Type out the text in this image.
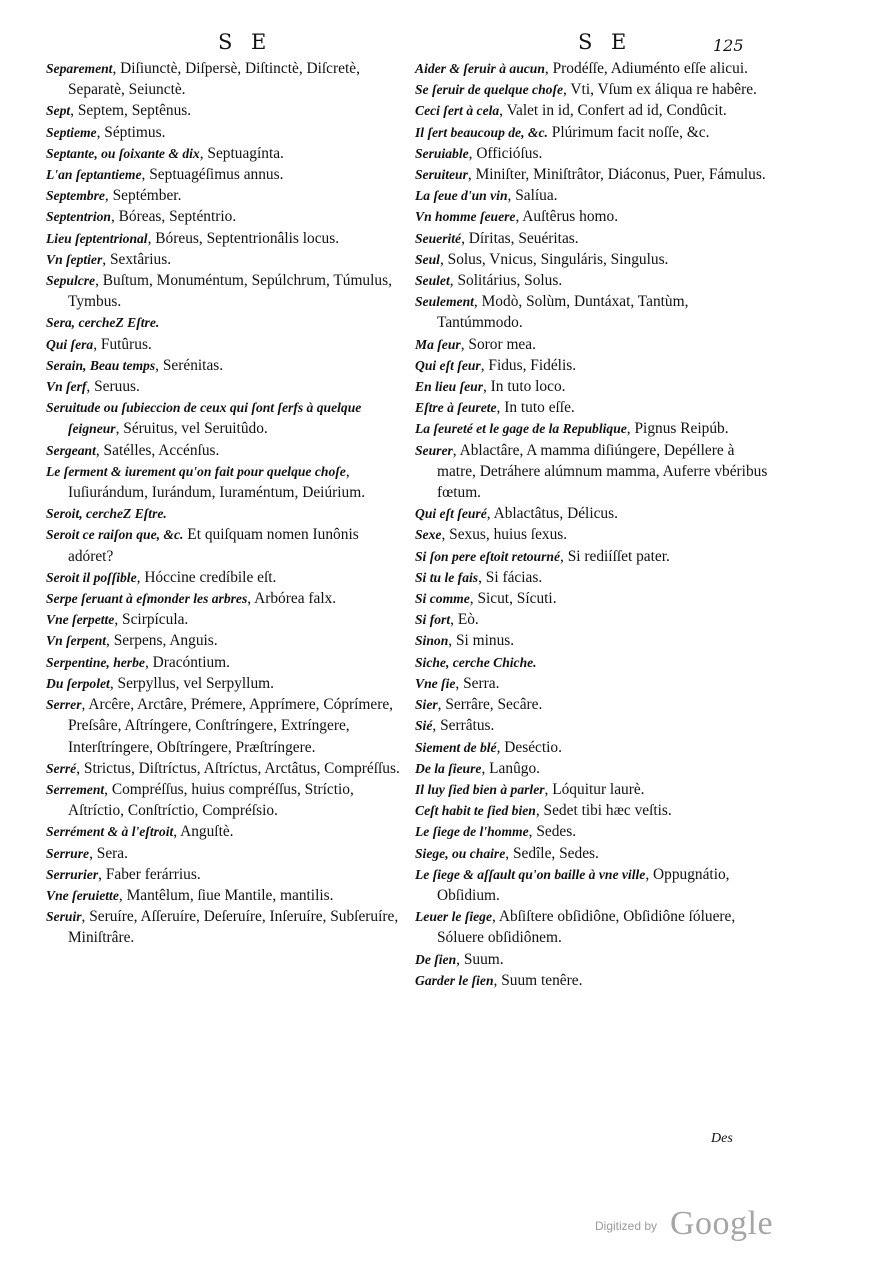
S E	S E	125

Separement, Diſiunctè, Diſpersè, Diſtinctè, Diſcretè, Separatè, Seiunctè.

Sept, Septem, Septênus.

Septieme, Séptimus.

Septante, ou ſoixante & dix, Septuagínta.

L'an ſeptantieme, Septuagéſimus annus.

Septembre, Septémber.

Septentrion, Bóreas, Septéntrio.

Lieu ſeptentrional, Bóreus, Septentrionâlis locus.

Vn ſeptier, Sextârius.

Sepulcre, Buſtum, Monuméntum, Sepúlchrum, Túmulus, Tymbus.

Sera, cercheZ Eſtre.

Qui ſera, Futûrus.

Serain, Beau temps, Serénitas.

Vn ſerf, Seruus.

Seruitude ou ſubieccion de ceux qui ſont ſerfs à quelque ſeigneur, Séruitus, vel Seruitûdo.

Sergeant, Satélles, Accénſus.

Le ſerment & iurement qu'on fait pour quelque choſe, Iuſiurándum, Iurándum, Iuraméntum, Deiúrium.

Seroit, cercheZ Eſtre.

Seroit ce raiſon que, &c. Et quiſquam nomen Iunônis adóret?

Seroit il poſſible, Hóccine credíbile eſt.

Serpe ſeruant à eſmonder les arbres, Arbórea falx.

Vne ſerpette, Scirpícula.

Vn ſerpent, Serpens, Anguis.

Serpentine, herbe, Dracóntium.

Du ſerpolet, Serpyllus, vel Serpyllum.

Serrer, Arcêre, Arctâre, Prémere, Apprímere, Cóprímere, Preſsâre, Aſtríngere, Conſtríngere, Extríngere, Interſtríngere, Obſtríngere, Præſtríngere.

Serré, Strictus, Diſtríctus, Aſtríctus, Arctâtus, Compréſſus.

Serrement, Compréſſus, huius compréſſus, Stríctio, Aſtríctio, Conſtríctio, Compréſsio.

Serrément & à l'eſtroit, Anguſtè.

Serrure, Sera.

Serrurier, Faber ferárrius.

Vne ſeruiette, Mantêlum, ſiue Mantile, mantilis.

Seruir, Seruíre, Aſſeruíre, Deſeruíre, Inſeruíre, Subſeruíre, Miniſtrâre.

Aider & ſeruir à aucun, Prodéſſe, Adiuménto eſſe alicui.

Se ſeruir de quelque choſe, Vti, Vſum ex áliqua re habêre.

Ceci ſert à cela, Valet in id, Confert ad id, Condûcit.

Il ſert beaucoup de, &c. Plúrimum facit noſſe, &c.

Seruiable, Officióſus.

Seruiteur, Miniſter, Miniſtrâtor, Diáconus, Puer, Fámulus.

La ſeue d'un vin, Salíua.

Vn homme ſeuere, Auſtêrus homo.

Seuerité, Díritas, Seuéritas.

Seul, Solus, Vnicus, Singuláris, Singulus.

Seulet, Solitárius, Solus.

Seulement, Modò, Solùm, Duntáxat, Tantùm, Tantúmmodo.

Ma ſeur, Soror mea.

Qui eſt ſeur, Fidus, Fidélis.

En lieu ſeur, In tuto loco.

Eſtre à ſeurete, In tuto eſſe.

La ſeureté et le gage de la Republique, Pignus Reipúb.

Seurer, Ablactâre, A mamma diſiúngere, Depéllere à matre, Detráhere alúmnum mamma, Auferre vbéribus fœtum.

Qui eſt ſeuré, Ablactâtus, Délicus.

Sexe, Sexus, huius ſexus.

Si ſon pere eſtoit retourné, Si rediíſſet pater.

Si tu le fais, Si fácias.

Si comme, Sicut, Sícuti.

Si fort, Eò.

Sinon, Si minus.

Siche, cerche Chiche.

Vne ſie, Serra.

Sier, Serrâre, Secâre.

Sié, Serrâtus.

Siement de blé, Deséctio.

De la ſieure, Lanûgo.

Il luy ſied bien à parler, Lóquitur laurè.

Ceſt habit te ſied bien, Sedet tibi hæc veſtis.

Le ſiege de l'homme, Sedes.

Siege, ou chaire, Sedîle, Sedes.

Le ſiege & aſſault qu'on baille à vne ville, Oppugnátio, Obſidium.

Leuer le ſiege, Abſiſtere obſidiône, Obſidiône ſóluere, Sóluere obſidiônem.

De ſien, Suum.

Garder le ſien, Suum tenêre.

Des
Digitized by Google
